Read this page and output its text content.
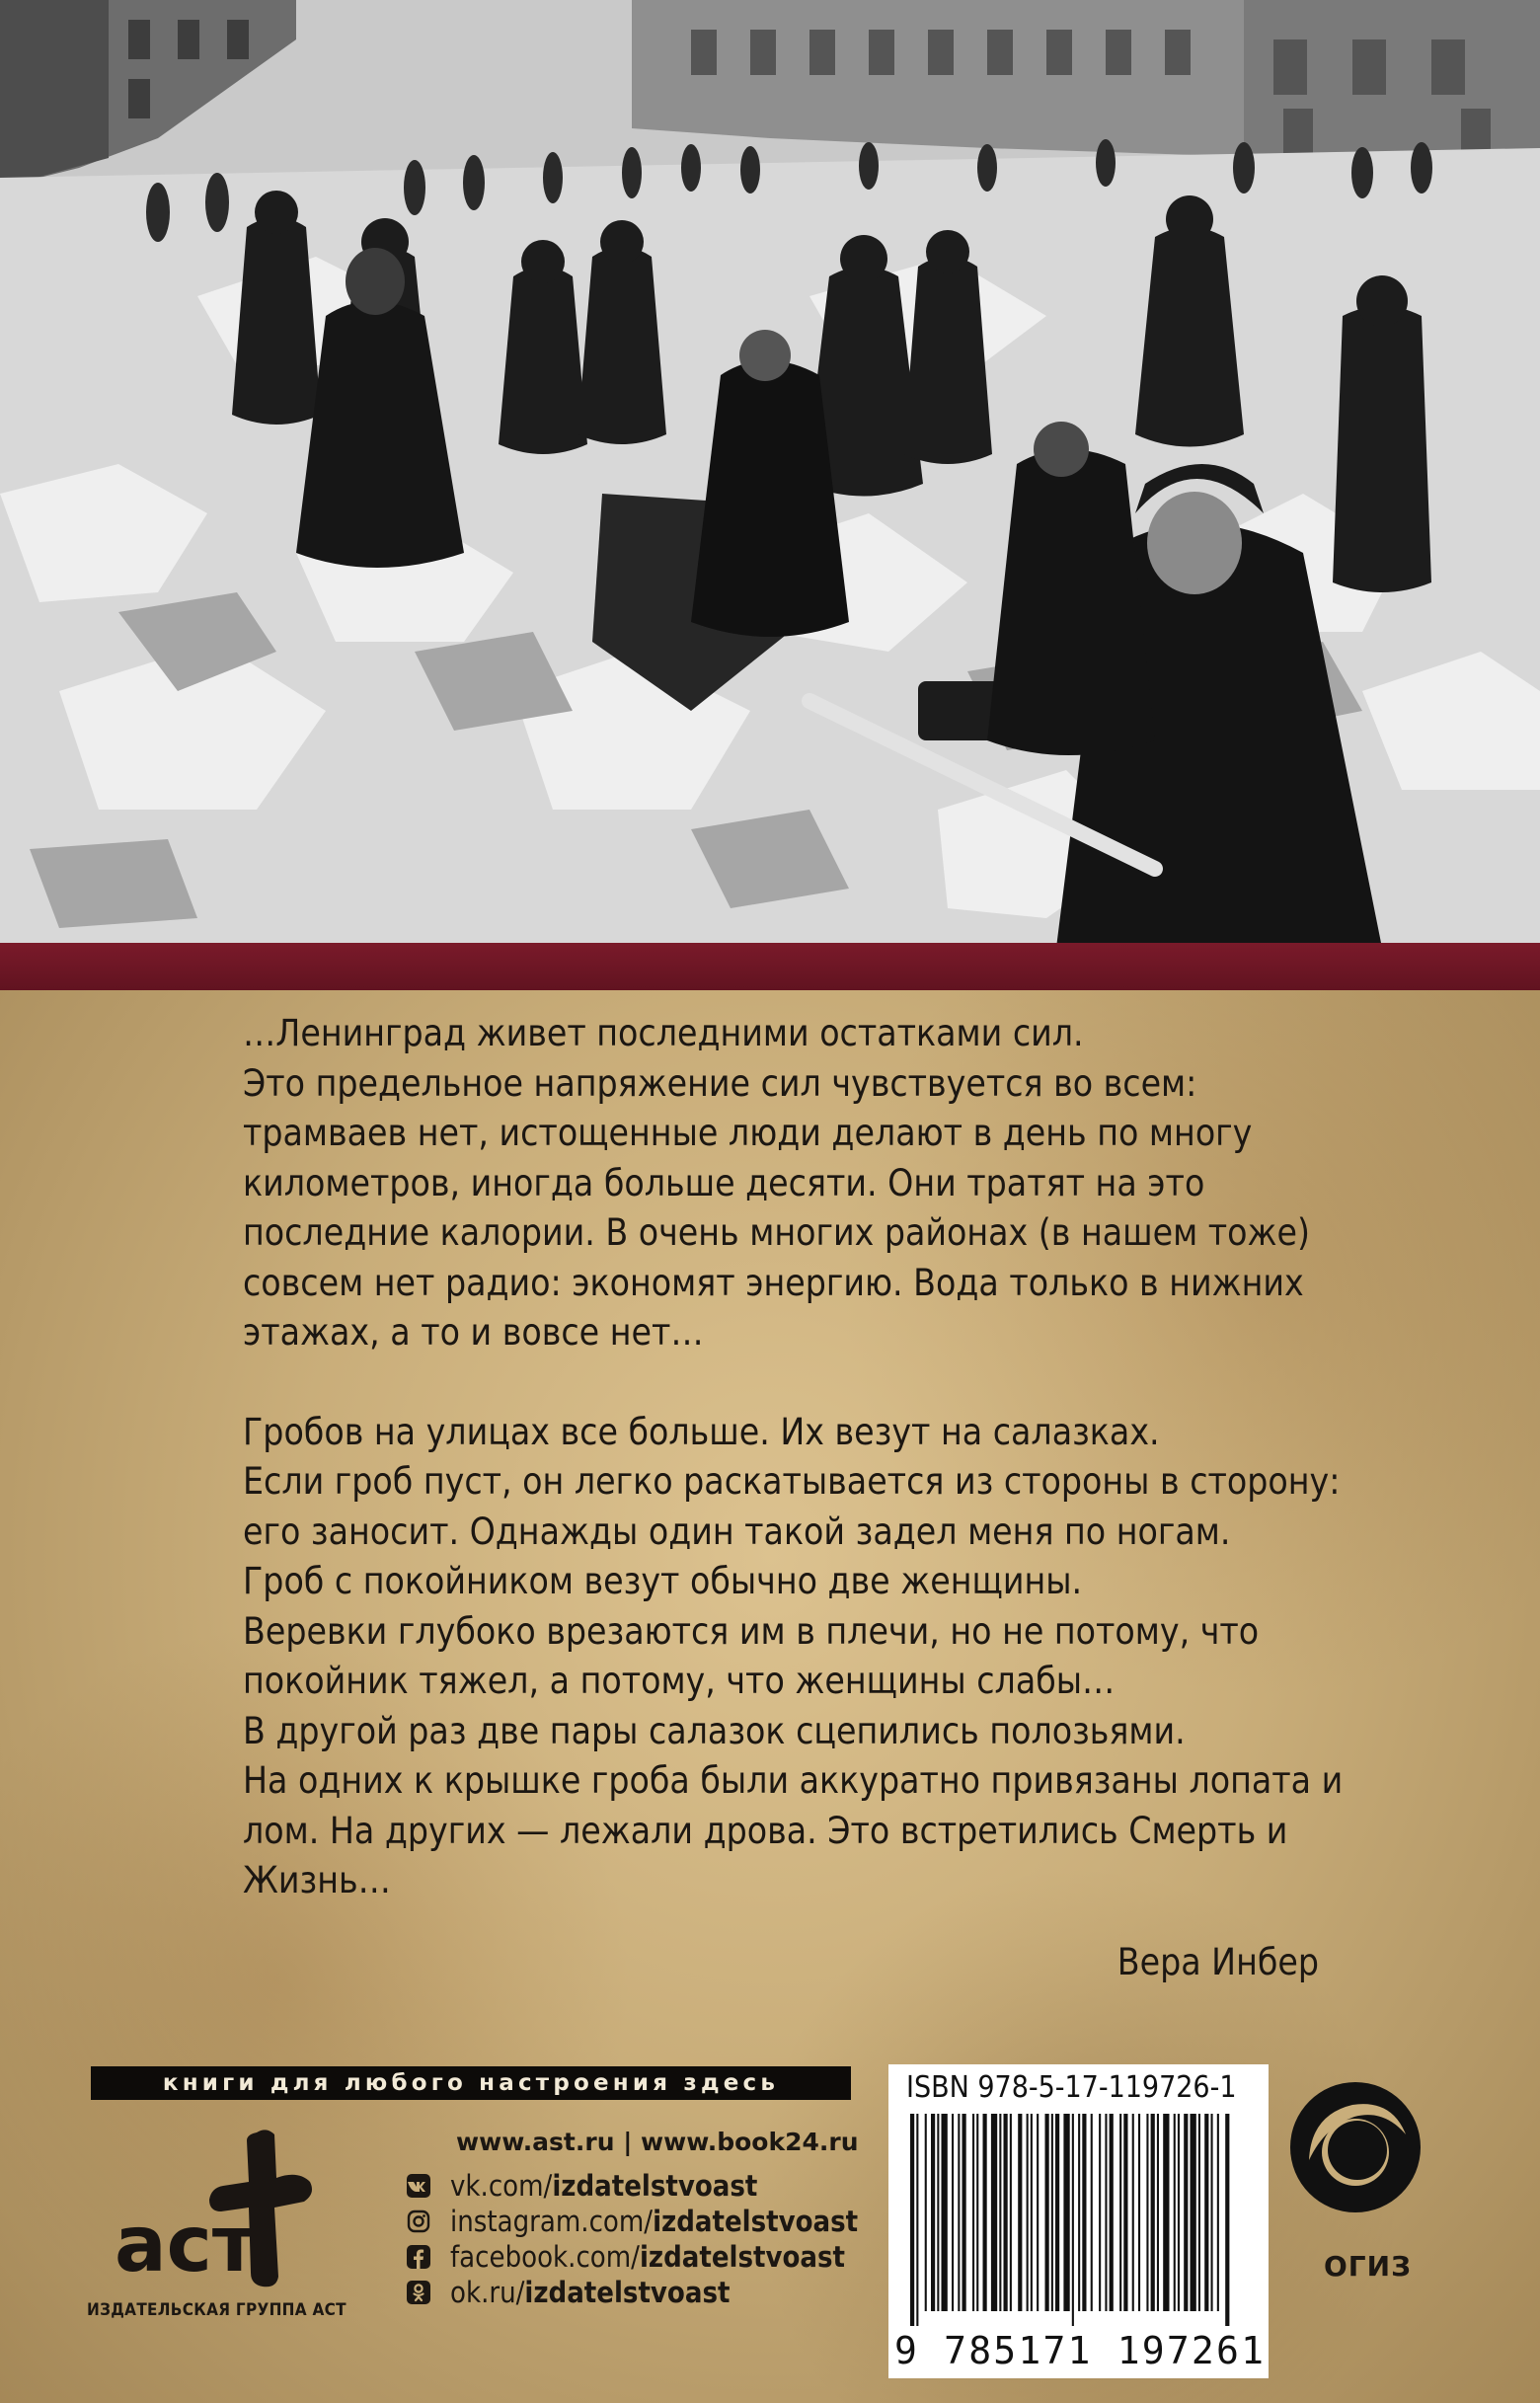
…Ленинград живет последними остатками сил.
Это предельное напряжение сил чувствуется во всем:
трамваев нет, истощенные люди делают в день по многу
километров, иногда больше десяти. Они тратят на это
последние калории. В очень многих районах (в нашем тоже)
совсем нет радио: экономят энергию. Вода только в нижних
этажах, а то и вовсе нет…

Гробов на улицах все больше. Их везут на салазках.
Если гроб пуст, он легко раскатывается из стороны в сторону:
его заносит. Однажды один такой задел меня по ногам.
Гроб с покойником везут обычно две женщины.
Веревки глубоко врезаются им в плечи, но не потому, что
покойник тяжел, а потому, что женщины слабы…
В другой раз две пары салазок сцепились полозьями.
На одних к крышке гроба были аккуратно привязаны лопата и
лом. На других — лежали дрова. Это встретились Смерть и
Жизнь…

Вера Инбер
книги для любого настроения здесь
аст
ИЗДАТЕЛЬСКАЯ ГРУППА АСТ
www.ast.ru | www.book24.ru
vk.com/izdatelstvoast
instagram.com/izdatelstvoast
facebook.com/izdatelstvoast
ok.ru/izdatelstvoast
ISBN 978-5-17-119726-1
9 785171 197261
ОГИЗ
